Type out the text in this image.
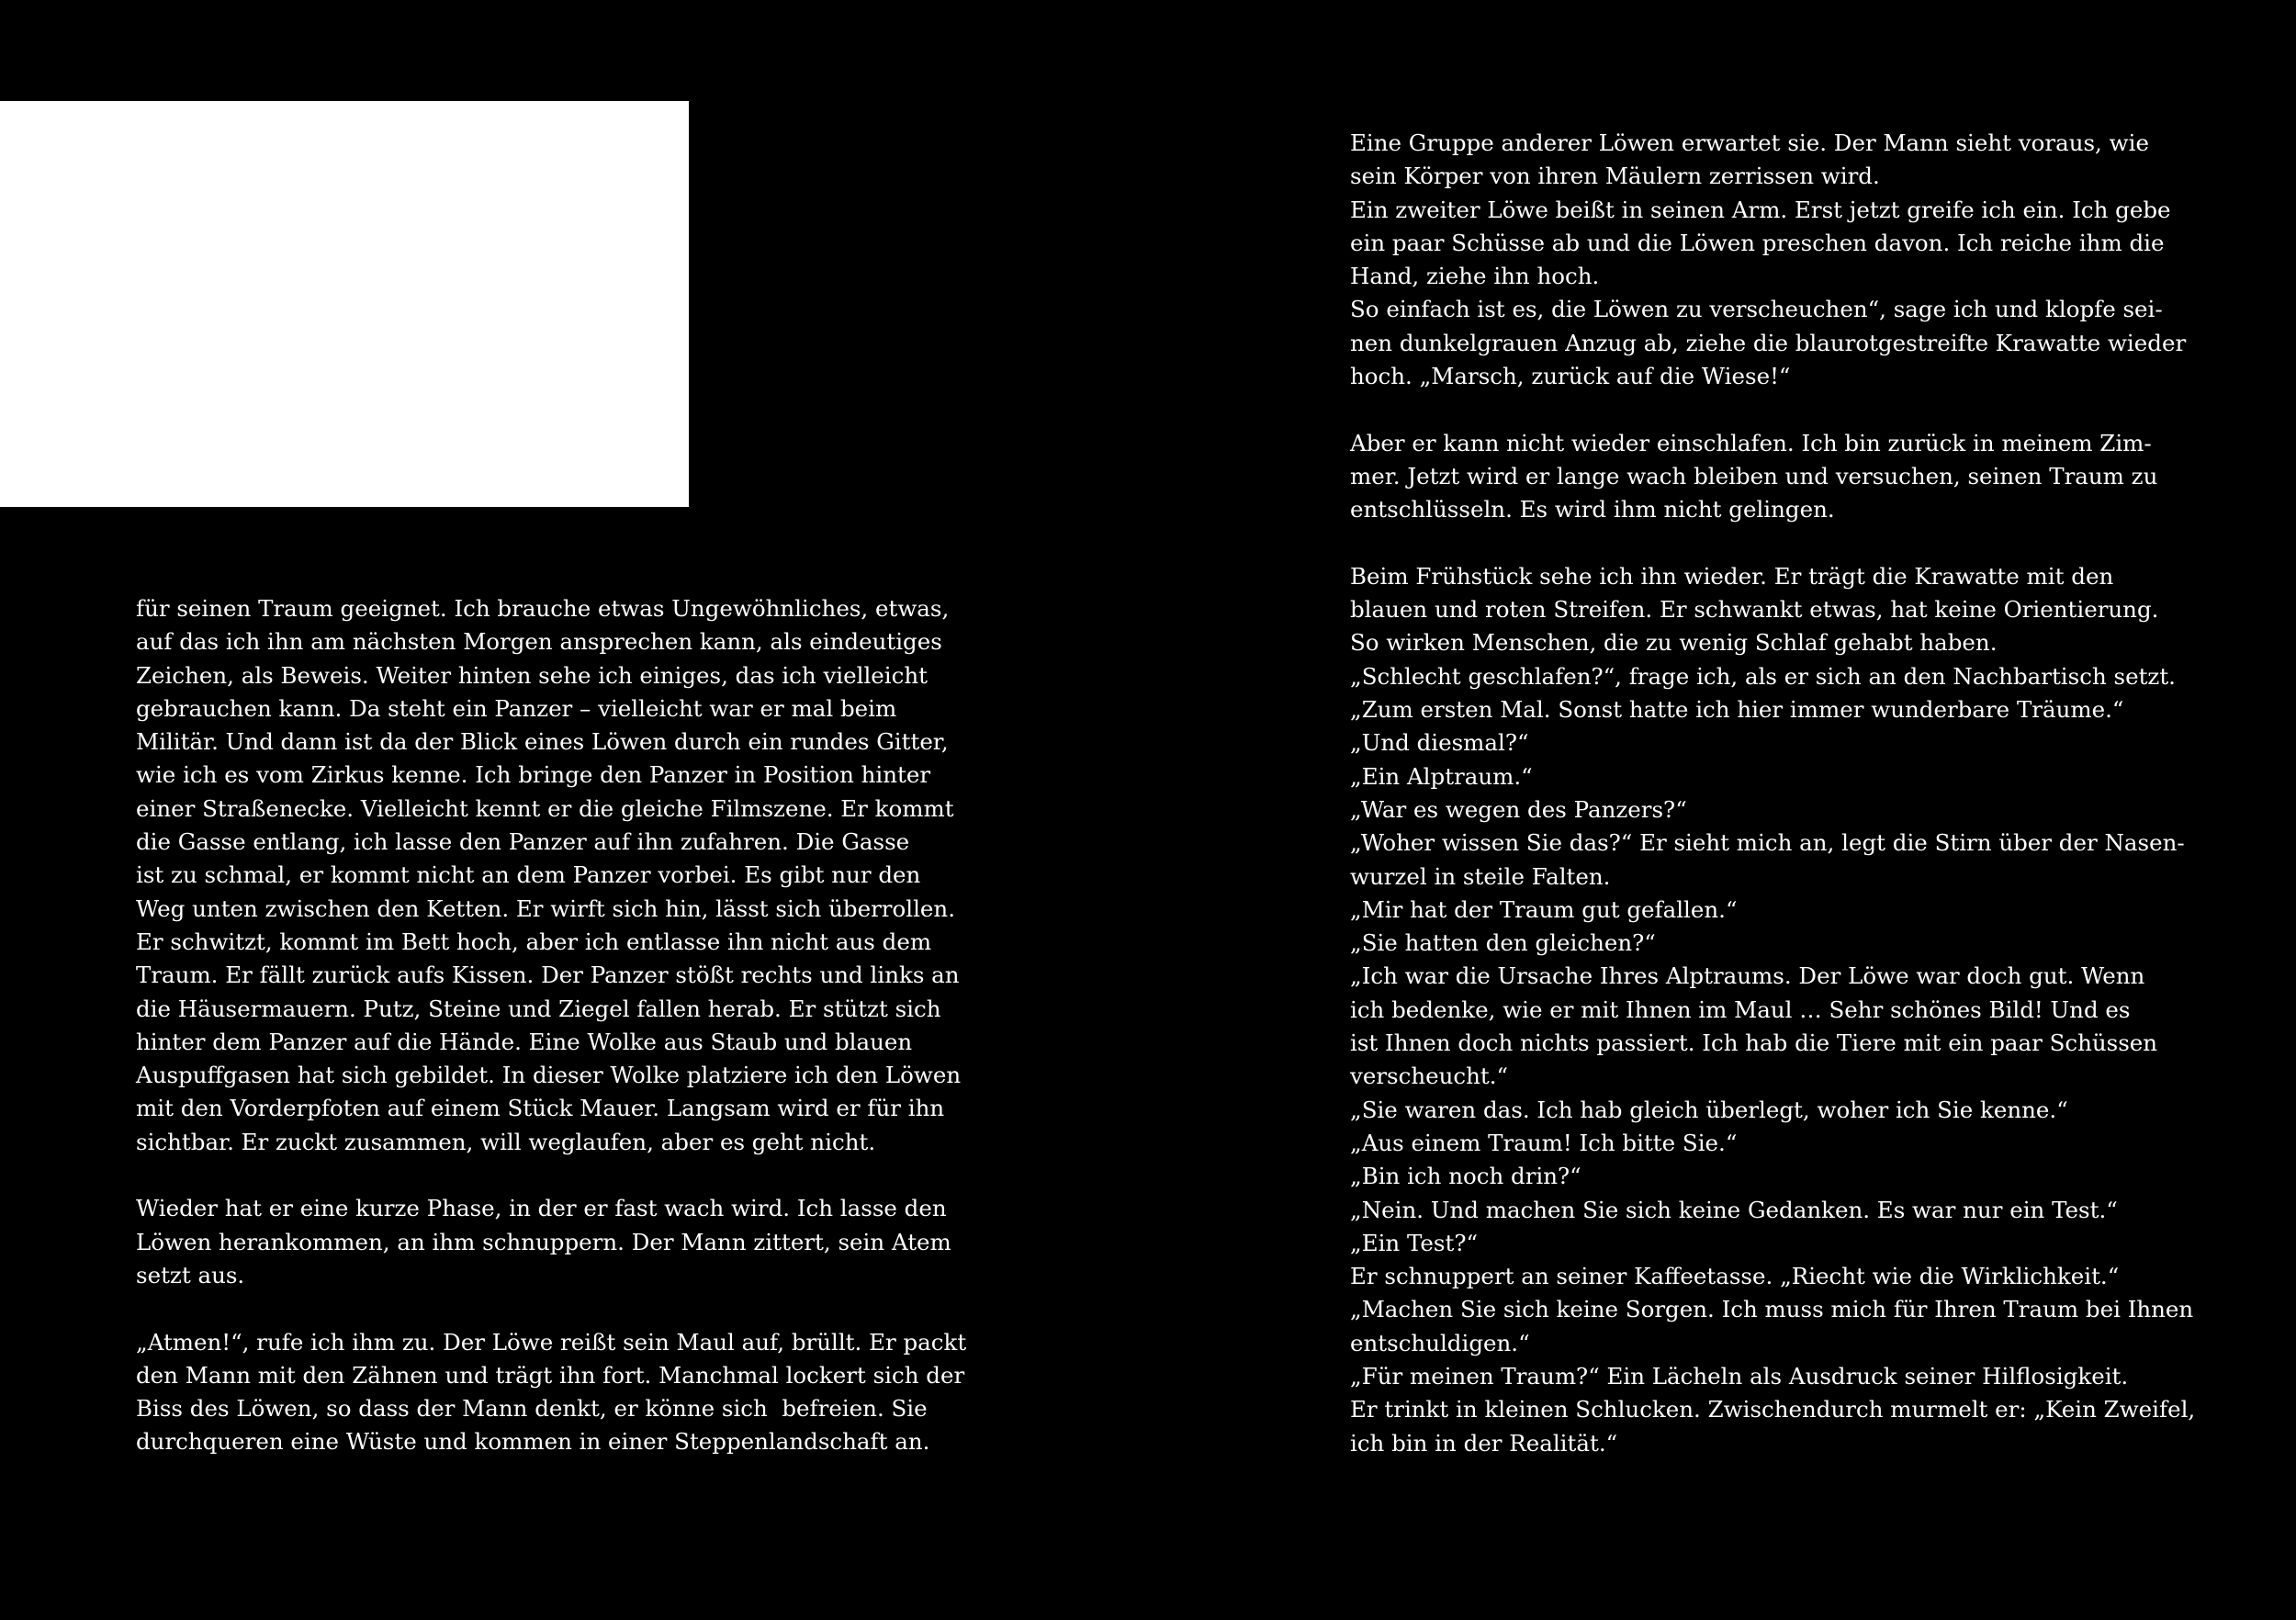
für seinen Traum geeignet. Ich brauche etwas Ungewöhnliches, etwas,
auf das ich ihn am nächsten Morgen ansprechen kann, als eindeutiges
Zeichen, als Beweis. Weiter hinten sehe ich einiges, das ich vielleicht
gebrauchen kann. Da steht ein Panzer – vielleicht war er mal beim
Militär. Und dann ist da der Blick eines Löwen durch ein rundes Gitter,
wie ich es vom Zirkus kenne. Ich bringe den Panzer in Position hinter
einer Straßenecke. Vielleicht kennt er die gleiche Filmszene. Er kommt
die Gasse entlang, ich lasse den Panzer auf ihn zufahren. Die Gasse
ist zu schmal, er kommt nicht an dem Panzer vorbei. Es gibt nur den
Weg unten zwischen den Ketten. Er wirft sich hin, lässt sich überrollen.
Er schwitzt, kommt im Bett hoch, aber ich entlasse ihn nicht aus dem
Traum. Er fällt zurück aufs Kissen. Der Panzer stößt rechts und links an
die Häusermauern. Putz, Steine und Ziegel fallen herab. Er stützt sich
hinter dem Panzer auf die Hände. Eine Wolke aus Staub und blauen
Auspuffgasen hat sich gebildet. In dieser Wolke platziere ich den Löwen
mit den Vorderpfoten auf einem Stück Mauer. Langsam wird er für ihn
sichtbar. Er zuckt zusammen, will weglaufen, aber es geht nicht.
Wieder hat er eine kurze Phase, in der er fast wach wird. Ich lasse den
Löwen herankommen, an ihm schnuppern. Der Mann zittert, sein Atem
setzt aus.
„Atmen!“, rufe ich ihm zu. Der Löwe reißt sein Maul auf, brüllt. Er packt
den Mann mit den Zähnen und trägt ihn fort. Manchmal lockert sich der
Biss des Löwen, so dass der Mann denkt, er könne sich  befreien. Sie
durchqueren eine Wüste und kommen in einer Steppenlandschaft an.
Eine Gruppe anderer Löwen erwartet sie. Der Mann sieht voraus, wie
sein Körper von ihren Mäulern zerrissen wird.
Ein zweiter Löwe beißt in seinen Arm. Erst jetzt greife ich ein. Ich gebe
ein paar Schüsse ab und die Löwen preschen davon. Ich reiche ihm die
Hand, ziehe ihn hoch.
So einfach ist es, die Löwen zu verscheuchen“, sage ich und klopfe sei-
nen dunkelgrauen Anzug ab, ziehe die blaurotgestreifte Krawatte wieder
hoch. „Marsch, zurück auf die Wiese!“
Aber er kann nicht wieder einschlafen. Ich bin zurück in meinem Zim-
mer. Jetzt wird er lange wach bleiben und versuchen, seinen Traum zu
entschlüsseln. Es wird ihm nicht gelingen.
Beim Frühstück sehe ich ihn wieder. Er trägt die Krawatte mit den
blauen und roten Streifen. Er schwankt etwas, hat keine Orientierung.
So wirken Menschen, die zu wenig Schlaf gehabt haben.
„Schlecht geschlafen?“, frage ich, als er sich an den Nachbartisch setzt.
„Zum ersten Mal. Sonst hatte ich hier immer wunderbare Träume.“
„Und diesmal?“
„Ein Alptraum.“
„War es wegen des Panzers?“
„Woher wissen Sie das?“ Er sieht mich an, legt die Stirn über der Nasen-
wurzel in steile Falten.
„Mir hat der Traum gut gefallen.“
„Sie hatten den gleichen?“
„Ich war die Ursache Ihres Alptraums. Der Löwe war doch gut. Wenn
ich bedenke, wie er mit Ihnen im Maul … Sehr schönes Bild! Und es
ist Ihnen doch nichts passiert. Ich hab die Tiere mit ein paar Schüssen
verscheucht.“
„Sie waren das. Ich hab gleich überlegt, woher ich Sie kenne.“
„Aus einem Traum! Ich bitte Sie.“
„Bin ich noch drin?“
„Nein. Und machen Sie sich keine Gedanken. Es war nur ein Test.“
„Ein Test?“
Er schnuppert an seiner Kaffeetasse. „Riecht wie die Wirklichkeit.“
„Machen Sie sich keine Sorgen. Ich muss mich für Ihren Traum bei Ihnen
entschuldigen.“
„Für meinen Traum?“ Ein Lächeln als Ausdruck seiner Hilflosigkeit.
Er trinkt in kleinen Schlucken. Zwischendurch murmelt er: „Kein Zweifel,
ich bin in der Realität.“
